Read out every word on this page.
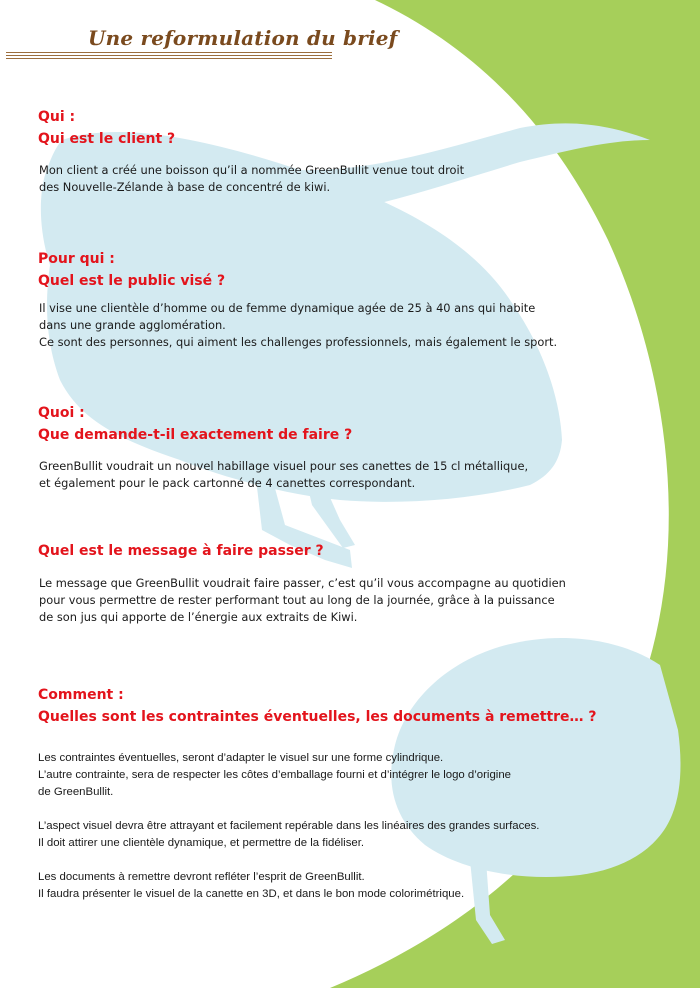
Une reformulation du brief
Qui :
Qui est le client ?
Mon client a créé une boisson qu’il a nommée GreenBullit venue tout droit
des Nouvelle-Zélande à base de concentré de kiwi.
Pour qui :
Quel est le public visé ?
Il vise une clientèle d’homme ou de femme dynamique agée de 25 à 40 ans qui habite
dans une grande agglomération.
Ce sont des personnes, qui aiment les challenges professionnels, mais également le sport.
Quoi :
Que demande-t-il exactement de faire ?
GreenBullit voudrait un nouvel habillage visuel pour ses canettes de 15 cl métallique,
et également pour le pack cartonné de 4 canettes correspondant.
Quel est le message à faire passer ?
Le message que GreenBullit voudrait faire passer, c’est qu’il vous accompagne au quotidien
pour vous permettre de rester performant tout au long de la journée, grâce à la puissance
de son jus qui apporte de l’énergie aux extraits de Kiwi.
Comment :
Quelles sont les contraintes éventuelles, les documents à remettre… ?
Les contraintes éventuelles, seront d’adapter le visuel sur une forme cylindrique.
L’autre contrainte, sera de respecter les côtes d’emballage fourni et d’intégrer le logo d’origine
de GreenBullit.
L’aspect visuel devra être attrayant et facilement repérable dans les linéaires des grandes surfaces.
Il doit attirer une clientèle dynamique, et permettre de la fidéliser.
Les documents à remettre devront refléter l’esprit de GreenBullit.
Il faudra présenter le visuel de la canette en 3D, et dans le bon mode colorimétrique.
